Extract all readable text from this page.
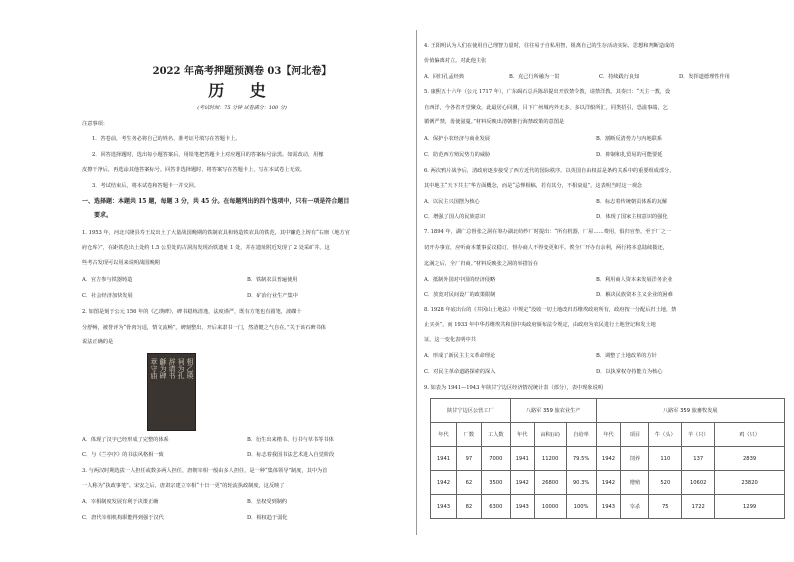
2022 年高考押题预测卷 03【河北卷】
历 史
(考试时间：75 分钟 试卷满分：100 分)
注意事项：
1．答卷前，考生务必将自己的姓名、准考证号填写在答题卡上。
2．回答选择题时，选出每小题答案后，用铅笔把答题卡上对应题目的答案标号涂黑。如需改动，用橡
皮擦干净后，再选涂其他答案标号。回答非选择题时，将答案写在答题卡上，写在本试卷上无效。
3．考试结束后，将本试卷和答题卡一并交回。
一、选择题：本题共 15 题，每题 3 分，共 45 分。在每题列出的四个选项中，只有一项是符合题目
要求。
1. 1953 年，河北兴隆县寿王坟出土了大量战国晚期的铁制农具和铸造铁农具的铁范，其中镰范上铸有“右廪（地方官
府仓库）”，在距铁范出土处约 1.5 公里处的古洞沟发现冶铁遗址 1 处，并在遗址附近发现了 2 处采矿井。这
些考古发现可以用来说明战国晚期
A．官方参与铁器铸造	B．铁制农具普遍使用
C．社会经济加快发展	D．矿冶行业生产集中
2. 如图是刻于公元 156 年的《乙瑛碑》，碑书稳练清逸，法度谨严，既有方笔也有圆笔，波磔十
分舒畅，被誉评为“骨肉匀适，情文流畅”。碑刻整出，开后来隶书一门，然清健之气自在。”关于该石碑书体
说法正确的是
相乙瑛
祠为孔
辞请书
龢为碑
章守庙
A．体现了汉字已经形成了完整的体系	B．衍生出来楷书、行书与草书等书体
C．与《兰亭序》的书法风格相一致	D．标志着我国书法艺术进入自觉阶段
3. 与两汉时期选拔一人担任或数多两人担任，唐朝宰相一般由多人担任，是一种“集体领导”制度，其中为首
一人称为“执政事笔”。宋安之后，唐肃宗建立宰相“十日一更”的轮流执政制度，这反映了
A．宰相制度发展有利于决策正确	B．皇权受到制约
C．唐代宰相机构职能得到强于汉代	D．相权趋于弱化
4. 王阳明认为人们在使用自己理智力量时，往往易于自私用智，阻离自己的生存活动实际，思想和判断造成的
价值偏离对立。对此他主张
A．回归孔孟经典	B．克己行所融为一贯	C．持续践行良知	D．发挥道德理性作用
5. 康熙五十六年（公元 1717 年），广东碣石总兵陈昂提出开放禁令教，请禁洋教。其奏曰：“天主一教，设
自西洋，今各省开堂聚众，此最居心回测，目下广州城内外无多，多以洋船所汇，同类招引，恐滋事端，乞
循例严禁，毋使滋蔓。”材料反映出清朝推行海禁政策的意图是
A．保护小农经济与商业发展	B．割断反清势力与内地联系
C．防范西方殖民势力的威胁	D．抑制和扎贸易的可能要延
6. 两次鸦片战争后，清政府逐步接受了西方近代的国际秩序。以英国自由权益是条约关系中的重要组成部分，
其中地主“天下共主”华方面概念，而是“忌惮相稿，若有其分，不相衰退”。这表明当时这一观念
A．以民主兴国摆为核心	B．标志着传统朝贡体系的瓦解
C．增强了国人的民族意识	D．体现了国家主权意识的强化
7. 1894 年，湖广总督张之洞在筹办湖北纺纱厂时提出：“所有机器，厂屋……费用，俱归官垫。至于厂之一
切开办事宜，应听商本董事妥议稳订，督办商人不得变更和平。俟全厂开办有余利，两行将本息陆续拨还，
迄满之后，全厂归商。”材料反映张之洞的举措旨在
A．抵制外国对中国的经济侵略	B．利用商人资本来发展洋务企业
C．放宽对民间设厂的政策限制	D．解决民族资本主义企业的困难
8. 1928 年底出台的《井冈山土地法》中规定“没收一切土地改归苏维埃政府所有，政府按一分配后归土地，禁
止买卖”。而 1933 年中华苏维埃共和国中央政府颁布法令规定，由政府为农民进行土地登记和发土地
证。这一变化表明中共
A．形成了新民主主义革命理论	B．调整了土地改革的方针
C．对民主革命道路探索的深入	D．以执掌权夺持能力为核心
9. 如表为 1941—1943 年陕甘宁边区经济情况统计表（部分），表中现象说明
陕甘宁边区公营工厂			八路军 359 旅农业生产			八路军 359 旅畜牧发展				
年代	厂数	工人数	年代	亩积(亩)	自给率	年代	项目	牛（头）	羊（只）	鸡（只）
1941	97	7000	1941	11200	79.5%	1942	饲养	110	137	2839
1942	62	3500	1942	26800	90.3%	1942	增殖	520	10602	23820
1943	82	6300	1943	10000	100%	1943	宰杀	75	1722	1299
